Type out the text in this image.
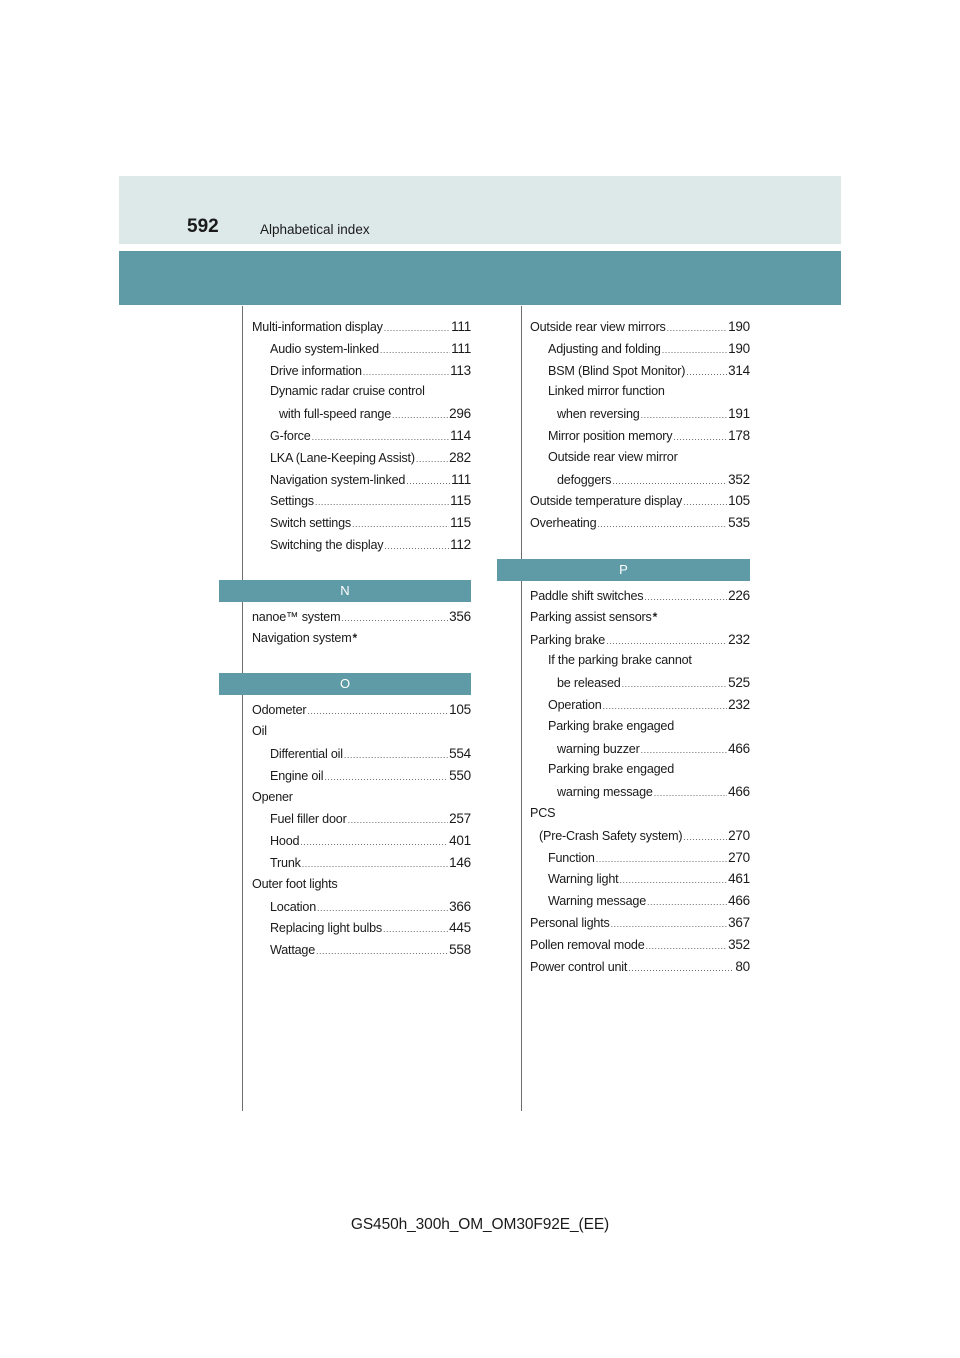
592	Alphabetical index
Multi-information display .....	111
Audio system-linked .....	111
Drive information .....	113
Dynamic radar cruise control
with full-speed range .....	296
G-force .....	114
LKA (Lane-Keeping Assist) .....	282
Navigation system-linked .....	111
Settings .....	115
Switch settings .....	115
Switching the display .....	112
N
nanoe™ system .....	356
Navigation system *
O
Odometer .....	105
Oil
Differential oil .....	554
Engine oil .....	550
Opener
Fuel filler door .....	257
Hood .....	401
Trunk .....	146
Outer foot lights
Location .....	366
Replacing light bulbs .....	445
Wattage .....	558
Outside rear view mirrors .....	190
Adjusting and folding .....	190
BSM (Blind Spot Monitor) .....	314
Linked mirror function
when reversing .....	191
Mirror position memory .....	178
Outside rear view mirror
defoggers .....	352
Outside temperature display .....	105
Overheating .....	535
P
Paddle shift switches .....	226
Parking assist sensors *
Parking brake .....	232
If the parking brake cannot
be released .....	525
Operation .....	232
Parking brake engaged
warning buzzer .....	466
Parking brake engaged
warning message .....	466
PCS
(Pre-Crash Safety system) .....	270
Function .....	270
Warning light .....	461
Warning message .....	466
Personal lights .....	367
Pollen removal mode .....	352
Power control unit .....	80
GS450h_300h_OM_OM30F92E_(EE)
